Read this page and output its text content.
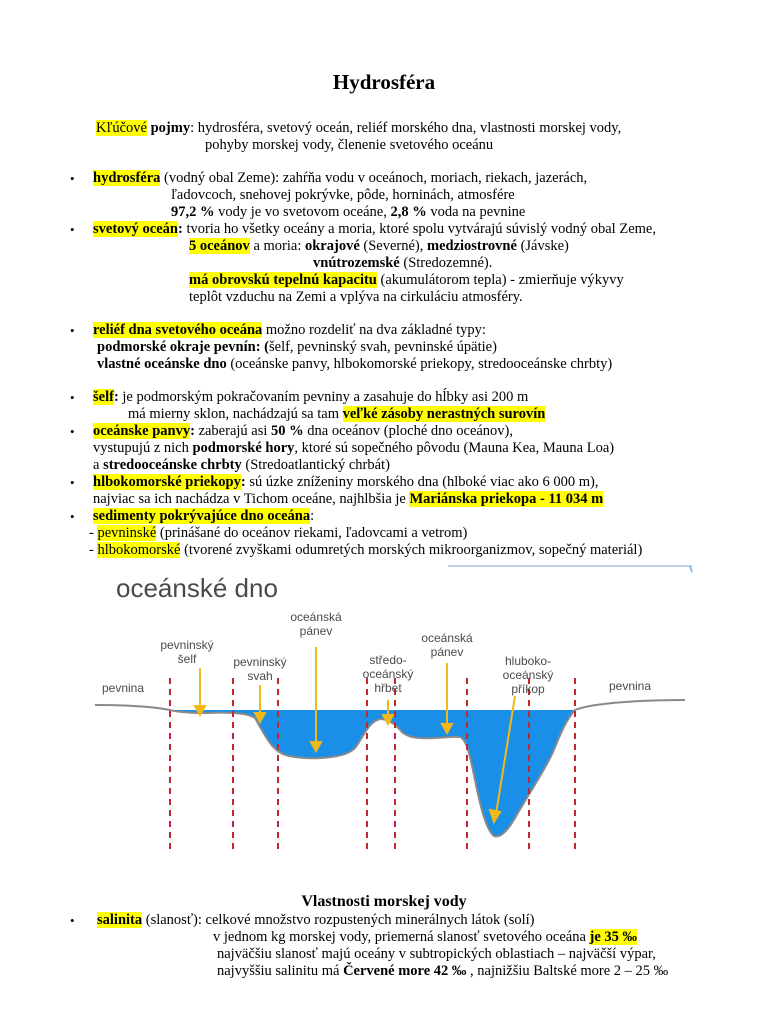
Hydrosféra
Kľúčové pojmy: hydrosféra, svetový oceán, reliéf morského dna, vlastnosti morskej vody,
pohyby morskej vody, členenie svetového oceánu
• hydrosféra (vodný obal Zeme): zahŕňa vodu v oceánoch, moriach, riekach, jazerách,
ľadovcoch, snehovej pokrývke, pôde, horninách, atmosfére
97,2 % vody je vo svetovom oceáne, 2,8 % voda na pevnine
• svetový oceán: tvoria ho všetky oceány a moria, ktoré spolu vytvárajú súvislý vodný obal Zeme,
5 oceánov a moria: okrajové (Severné), medziostrovné (Jávske)
vnútrozemské (Stredozemné).
má obrovskú tepelnú kapacitu (akumulátorom tepla) - zmierňuje výkyvy
teplôt vzduchu na Zemi a vplýva na cirkuláciu atmosféry.
• reliéf dna svetového oceána možno rozdeliť na dva základné typy:
podmorské okraje pevnín: (šelf, pevninský svah, pevninské úpätie)
vlastné oceánske dno (oceánske panvy, hlbokomorské priekopy, stredooceánske chrbty)
• šelf: je podmorským pokračovaním pevniny a zasahuje do hĺbky asi 200 m
má mierny sklon, nachádzajú sa tam veľké zásoby nerastných surovín
• oceánske panvy: zaberajú asi 50 % dna oceánov (ploché dno oceánov),
vystupujú z nich podmorské hory, ktoré sú sopečného pôvodu (Mauna Kea, Mauna Loa)
a stredooceánske chrbty (Stredoatlantický chrbát)
• hlbokomorské priekopy: sú úzke zníženiny morského dna (hlboké viac ako 6 000 m),
najviac sa ich nachádza v Tichom oceáne, najhlbšia je Mariánska priekopa - 11 034 m
• sedimenty pokrývajúce dno oceána:
- pevninské (prinášané do oceánov riekami, ľadovcami a vetrom)
- hlbokomorské (tvorené zvyškami odumretých morských mikroorganizmov, sopečný materiál)
oceánské dno
pevnina	pevnina
pevninský
šelf	pevninský
svah
oceánská
pánev
středo-
oceánský
hřbet
oceánská
pánev
hluboko-
oceánský
příkop
Vlastnosti morskej vody
• salinita (slanosť): celkové množstvo rozpustených minerálnych látok (solí)
v jednom kg morskej vody, priemerná slanosť svetového oceána je 35 ‰
najväčšiu slanosť majú oceány v subtropických oblastiach – najväčší výpar,
najvyššiu salinitu má Červené more 42 ‰ , najnižšiu Baltské more 2 – 25 ‰
